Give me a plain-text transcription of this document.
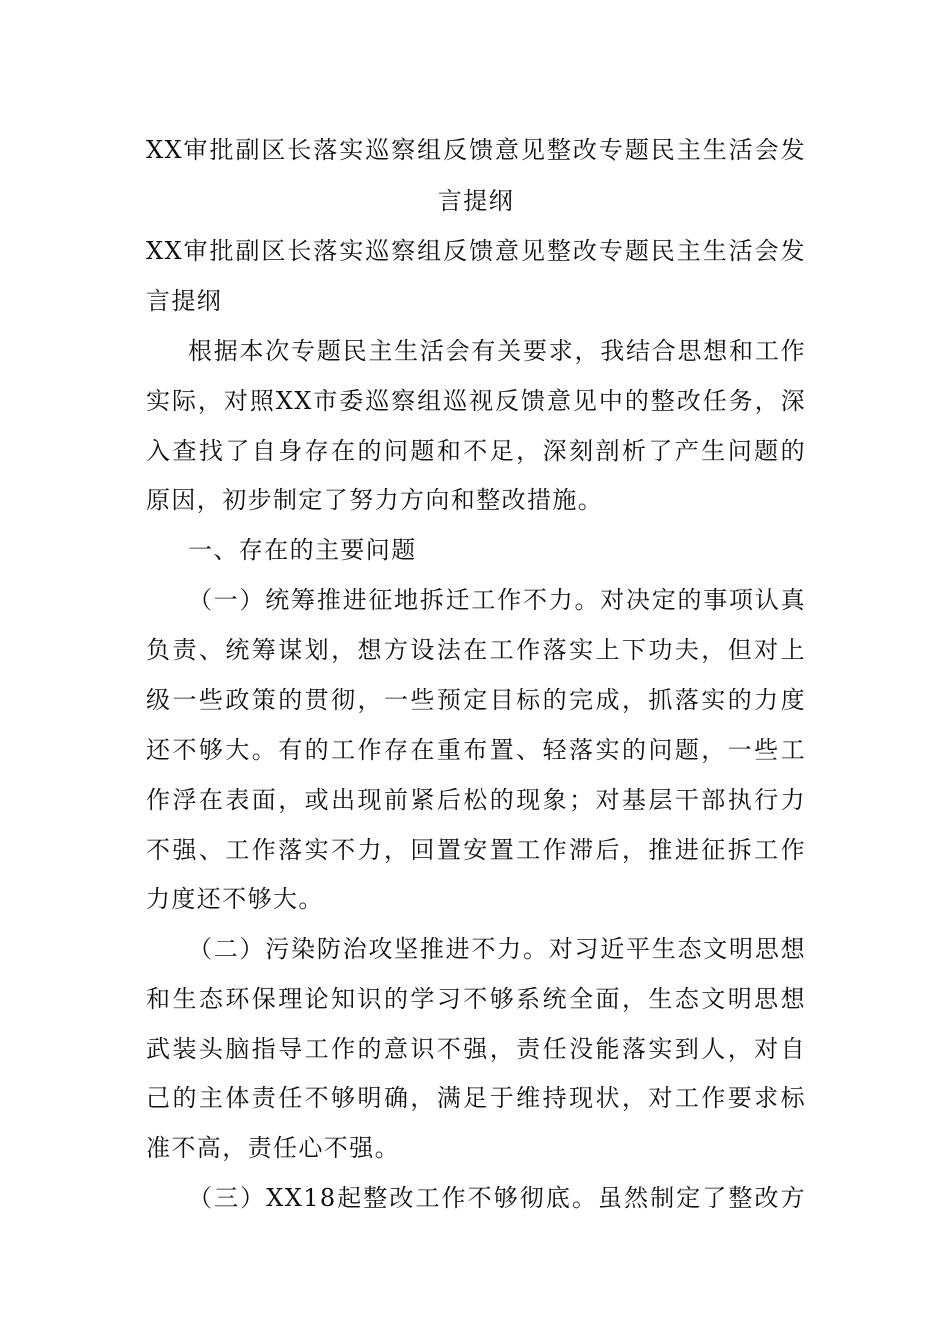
XX审批副区长落实巡察组反馈意见整改专题民主生活会发
言提纲
XX审批副区长落实巡察组反馈意见整改专题民主生活会发
言提纲
根据本次专题民主生活会有关要求，我结合思想和工作
实际，对照XX市委巡察组巡视反馈意见中的整改任务，深
入查找了自身存在的问题和不足，深刻剖析了产生问题的
原因，初步制定了努力方向和整改措施。
一、存在的主要问题
（一）统筹推进征地拆迁工作不力。对决定的事项认真
负责、统筹谋划，想方设法在工作落实上下功夫，但对上
级一些政策的贯彻，一些预定目标的完成，抓落实的力度
还不够大。有的工作存在重布置、轻落实的问题，一些工
作浮在表面，或出现前紧后松的现象；对基层干部执行力
不强、工作落实不力，回置安置工作滞后，推进征拆工作
力度还不够大。
（二）污染防治攻坚推进不力。对习近平生态文明思想
和生态环保理论知识的学习不够系统全面，生态文明思想
武装头脑指导工作的意识不强，责任没能落实到人，对自
己的主体责任不够明确，满足于维持现状，对工作要求标
准不高，责任心不强。
（三）XX18起整改工作不够彻底。虽然制定了整改方
